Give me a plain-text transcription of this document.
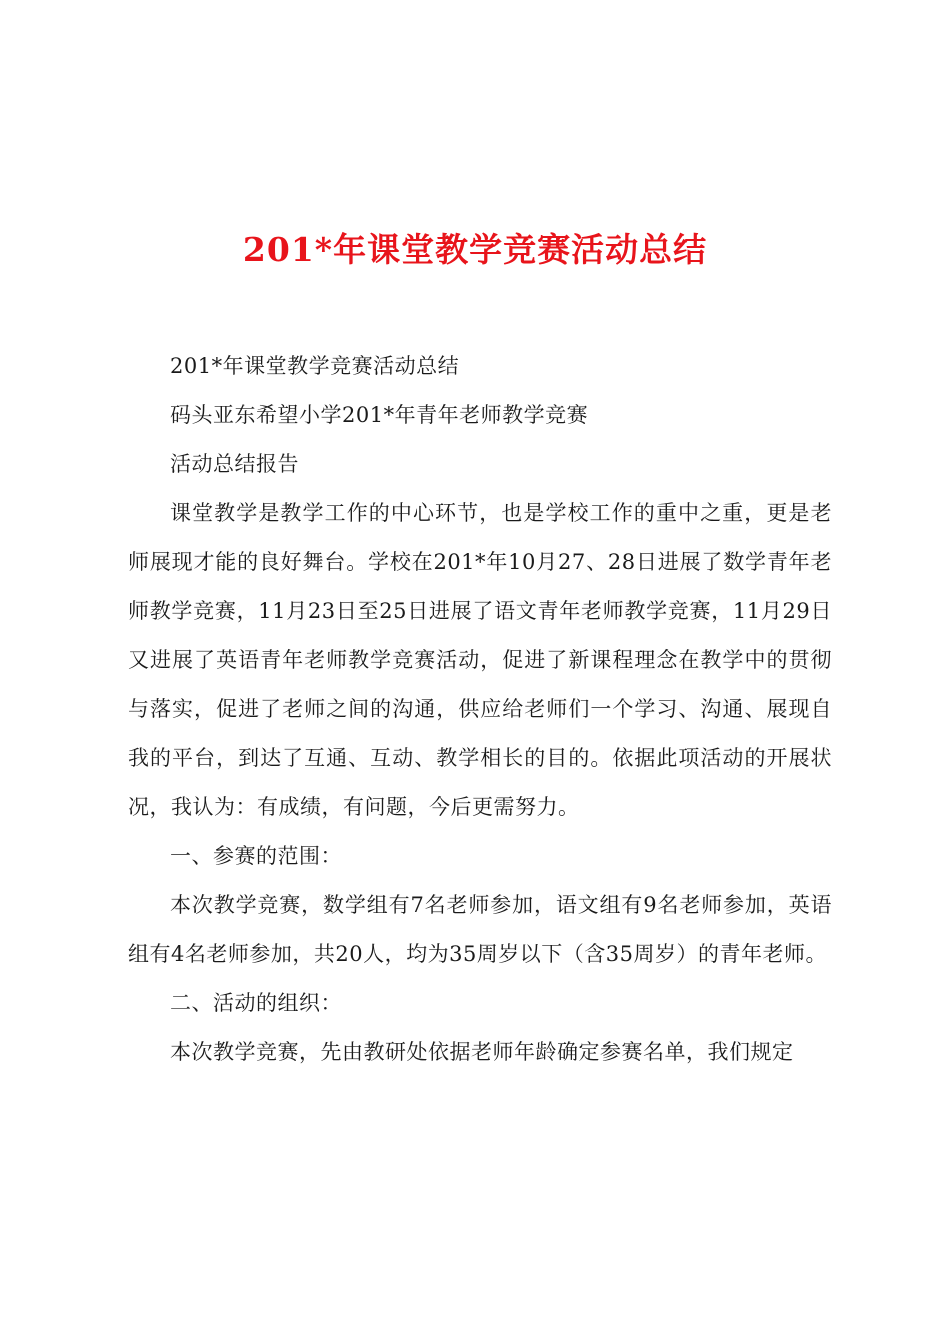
201*年课堂教学竞赛活动总结

201*年课堂教学竞赛活动总结

码头亚东希望小学201*年青年老师教学竞赛

活动总结报告

课堂教学是教学工作的中心环节，也是学校工作的重中之重，更是老师展现才能的良好舞台。学校在201*年10月27、28日进展了数学青年老师教学竞赛，11月23日至25日进展了语文青年老师教学竞赛，11月29日又进展了英语青年老师教学竞赛活动，促进了新课程理念在教学中的贯彻与落实，促进了老师之间的沟通，供应给老师们一个学习、沟通、展现自我的平台，到达了互通、互动、教学相长的目的。依据此项活动的开展状况，我认为：有成绩，有问题，今后更需努力。

一、参赛的范围：

本次教学竞赛，数学组有7名老师参加，语文组有9名老师参加，英语组有4名老师参加，共20人，均为35周岁以下（含35周岁）的青年老师。

二、活动的组织：

本次教学竞赛，先由教研处依据老师年龄确定参赛名单，我们规定
